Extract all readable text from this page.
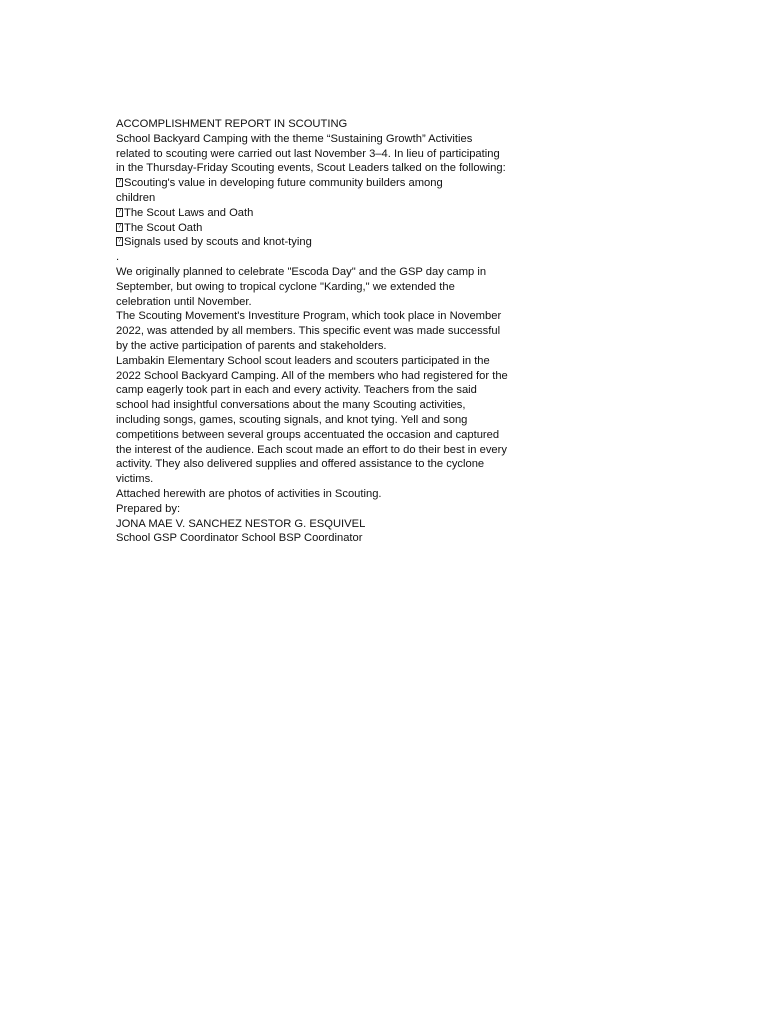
ACCOMPLISHMENT REPORT IN SCOUTING
School Backyard Camping with the theme “Sustaining Growth” Activities
related to scouting were carried out last November 3–4. In lieu of participating
in the Thursday-Friday Scouting events, Scout Leaders talked on the following:
?Scouting's value in developing future community builders among
children
?The Scout Laws and Oath
?The Scout Oath
?Signals used by scouts and knot-tying
.
We originally planned to celebrate "Escoda Day" and the GSP day camp in
September, but owing to tropical cyclone "Karding," we extended the
celebration until November.
The Scouting Movement's Investiture Program, which took place in November
2022, was attended by all members. This specific event was made successful
by the active participation of parents and stakeholders.
Lambakin Elementary School scout leaders and scouters participated in the
2022 School Backyard Camping. All of the members who had registered for the
camp eagerly took part in each and every activity. Teachers from the said
school had insightful conversations about the many Scouting activities,
including songs, games, scouting signals, and knot tying. Yell and song
competitions between several groups accentuated the occasion and captured
the interest of the audience. Each scout made an effort to do their best in every
activity. They also delivered supplies and offered assistance to the cyclone
victims.
Attached herewith are photos of activities in Scouting.
Prepared by:
JONA MAE V. SANCHEZ NESTOR G. ESQUIVEL
School GSP Coordinator School BSP Coordinator
